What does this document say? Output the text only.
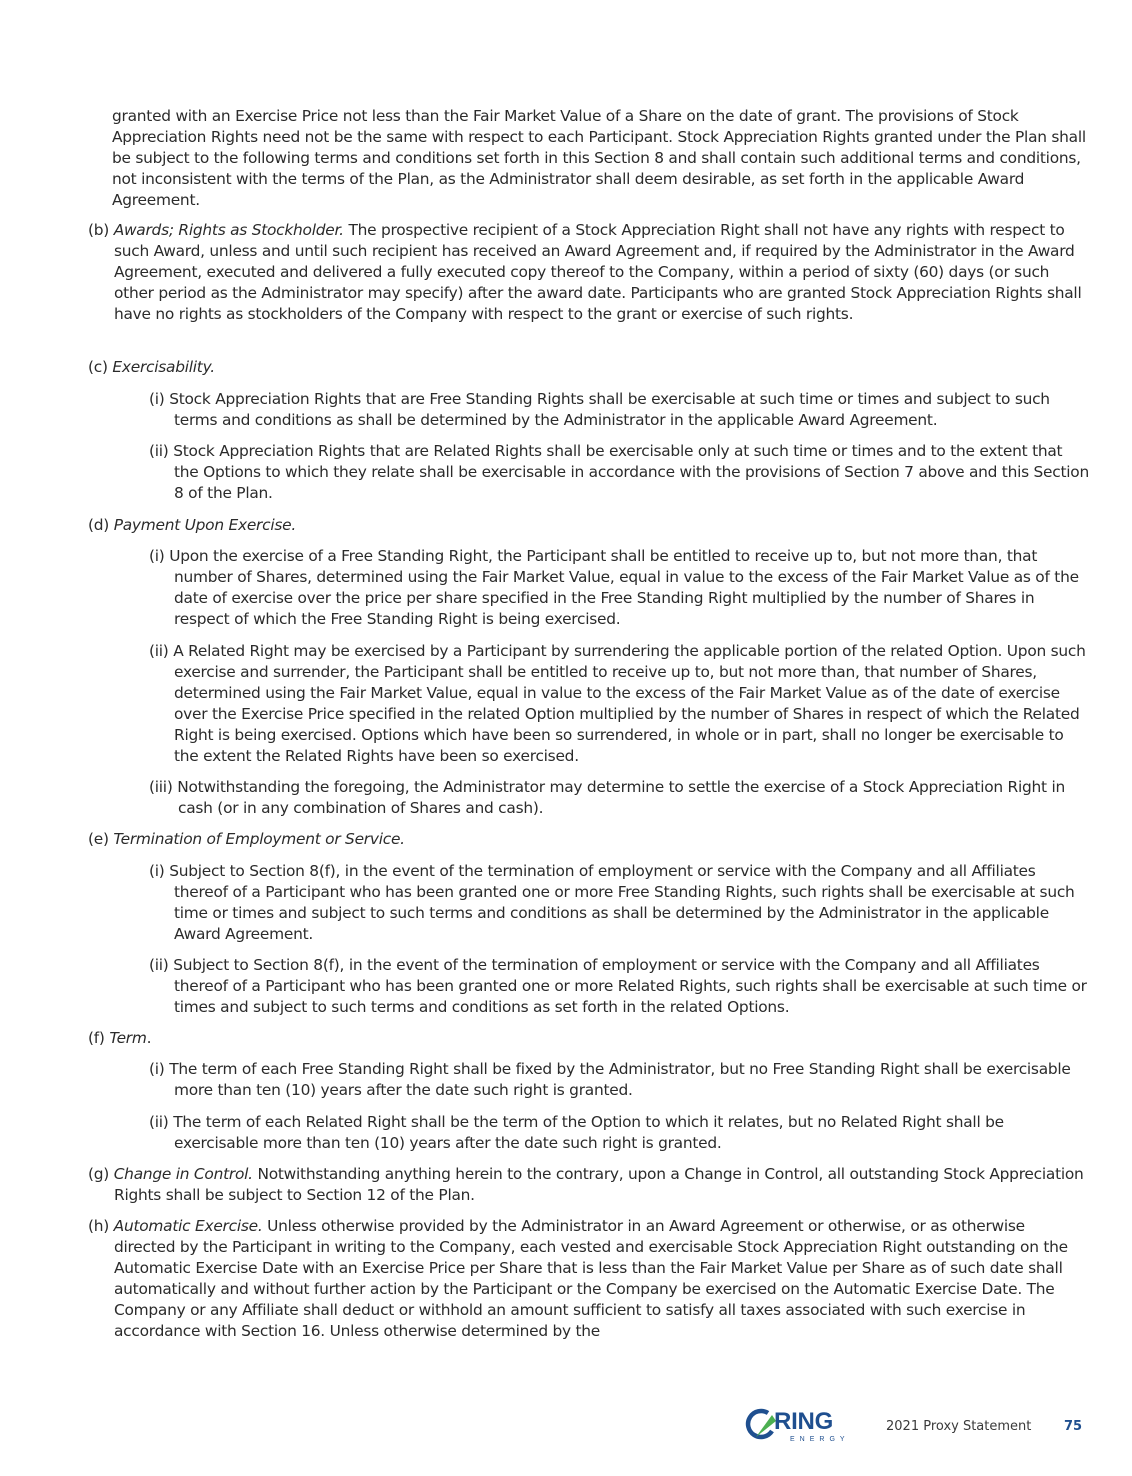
granted with an Exercise Price not less than the Fair Market Value of a Share on the date of grant. The provisions of Stock Appreciation Rights need not be the same with respect to each Participant. Stock Appreciation Rights granted under the Plan shall be subject to the following terms and conditions set forth in this Section 8 and shall contain such additional terms and conditions, not inconsistent with the terms of the Plan, as the Administrator shall deem desirable, as set forth in the applicable Award Agreement.

(b) Awards; Rights as Stockholder. The prospective recipient of a Stock Appreciation Right shall not have any rights with respect to such Award, unless and until such recipient has received an Award Agreement and, if required by the Administrator in the Award Agreement, executed and delivered a fully executed copy thereof to the Company, within a period of sixty (60) days (or such other period as the Administrator may specify) after the award date. Participants who are granted Stock Appreciation Rights shall have no rights as stockholders of the Company with respect to the grant or exercise of such rights.

(c) Exercisability.

(i) Stock Appreciation Rights that are Free Standing Rights shall be exercisable at such time or times and subject to such terms and conditions as shall be determined by the Administrator in the applicable Award Agreement.

(ii) Stock Appreciation Rights that are Related Rights shall be exercisable only at such time or times and to the extent that the Options to which they relate shall be exercisable in accordance with the provisions of Section 7 above and this Section 8 of the Plan.

(d) Payment Upon Exercise.

(i) Upon the exercise of a Free Standing Right, the Participant shall be entitled to receive up to, but not more than, that number of Shares, determined using the Fair Market Value, equal in value to the excess of the Fair Market Value as of the date of exercise over the price per share specified in the Free Standing Right multiplied by the number of Shares in respect of which the Free Standing Right is being exercised.

(ii) A Related Right may be exercised by a Participant by surrendering the applicable portion of the related Option. Upon such exercise and surrender, the Participant shall be entitled to receive up to, but not more than, that number of Shares, determined using the Fair Market Value, equal in value to the excess of the Fair Market Value as of the date of exercise over the Exercise Price specified in the related Option multiplied by the number of Shares in respect of which the Related Right is being exercised. Options which have been so surrendered, in whole or in part, shall no longer be exercisable to the extent the Related Rights have been so exercised.

(iii) Notwithstanding the foregoing, the Administrator may determine to settle the exercise of a Stock Appreciation Right in cash (or in any combination of Shares and cash).

(e) Termination of Employment or Service.

(i) Subject to Section 8(f), in the event of the termination of employment or service with the Company and all Affiliates thereof of a Participant who has been granted one or more Free Standing Rights, such rights shall be exercisable at such time or times and subject to such terms and conditions as shall be determined by the Administrator in the applicable Award Agreement.

(ii) Subject to Section 8(f), in the event of the termination of employment or service with the Company and all Affiliates thereof of a Participant who has been granted one or more Related Rights, such rights shall be exercisable at such time or times and subject to such terms and conditions as set forth in the related Options.

(f) Term.

(i) The term of each Free Standing Right shall be fixed by the Administrator, but no Free Standing Right shall be exercisable more than ten (10) years after the date such right is granted.

(ii) The term of each Related Right shall be the term of the Option to which it relates, but no Related Right shall be exercisable more than ten (10) years after the date such right is granted.

(g) Change in Control. Notwithstanding anything herein to the contrary, upon a Change in Control, all outstanding Stock Appreciation Rights shall be subject to Section 12 of the Plan.

(h) Automatic Exercise. Unless otherwise provided by the Administrator in an Award Agreement or otherwise, or as otherwise directed by the Participant in writing to the Company, each vested and exercisable Stock Appreciation Right outstanding on the Automatic Exercise Date with an Exercise Price per Share that is less than the Fair Market Value per Share as of such date shall automatically and without further action by the Participant or the Company be exercised on the Automatic Exercise Date. The Company or any Affiliate shall deduct or withhold an amount sufficient to satisfy all taxes associated with such exercise in accordance with Section 16. Unless otherwise determined by the

RING
ENERGY
2021 Proxy Statement	75
